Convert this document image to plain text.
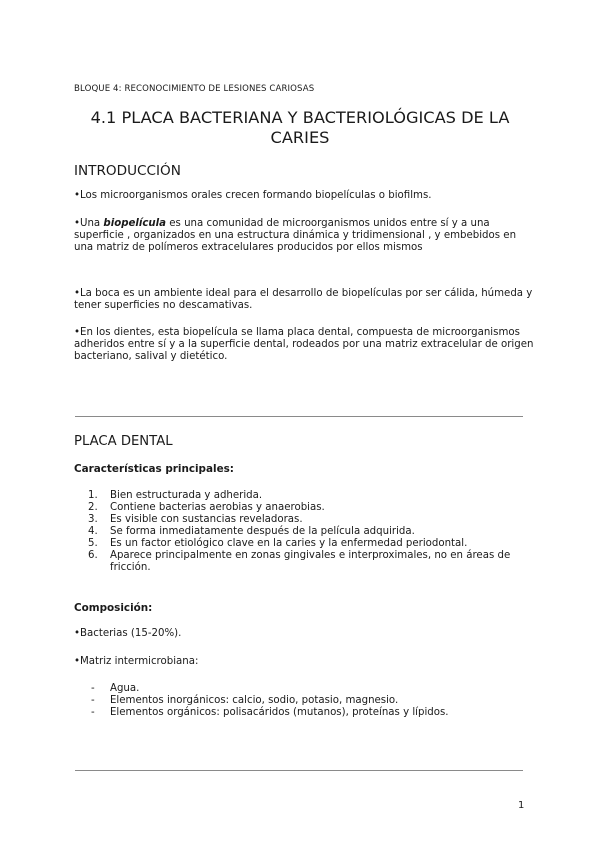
BLOQUE 4: RECONOCIMIENTO DE LESIONES CARIOSAS
4.1 PLACA BACTERIANA Y BACTERIOLÓGICAS DE LA CARIES
INTRODUCCIÓN
•Los microorganismos orales crecen formando biopelículas o biofilms.
•Una biopelícula es una comunidad de microorganismos unidos entre sí y a una superficie , organizados en una estructura dinámica y tridimensional , y embebidos en una matriz de polímeros extracelulares producidos por ellos mismos
•La boca es un ambiente ideal para el desarrollo de biopelículas por ser cálida, húmeda y tener superficies no descamativas.
•En los dientes, esta biopelícula se llama placa dental, compuesta de microorganismos adheridos entre sí y a la superficie dental, rodeados por una matriz extracelular de origen bacteriano, salival y dietético.
PLACA DENTAL
Características principales:
1.	Bien estructurada y adherida.
2.	Contiene bacterias aerobias y anaerobias.
3.	Es visible con sustancias reveladoras.
4.	Se forma inmediatamente después de la película adquirida.
5.	Es un factor etiológico clave en la caries y la enfermedad periodontal.
6.	Aparece principalmente en zonas gingivales e interproximales, no en áreas de fricción.
Composición:
•Bacterias (15-20%).
•Matriz intermicrobiana:
-	Agua.
-	Elementos inorgánicos: calcio, sodio, potasio, magnesio.
-	Elementos orgánicos: polisacáridos (mutanos), proteínas y lípidos.
1
